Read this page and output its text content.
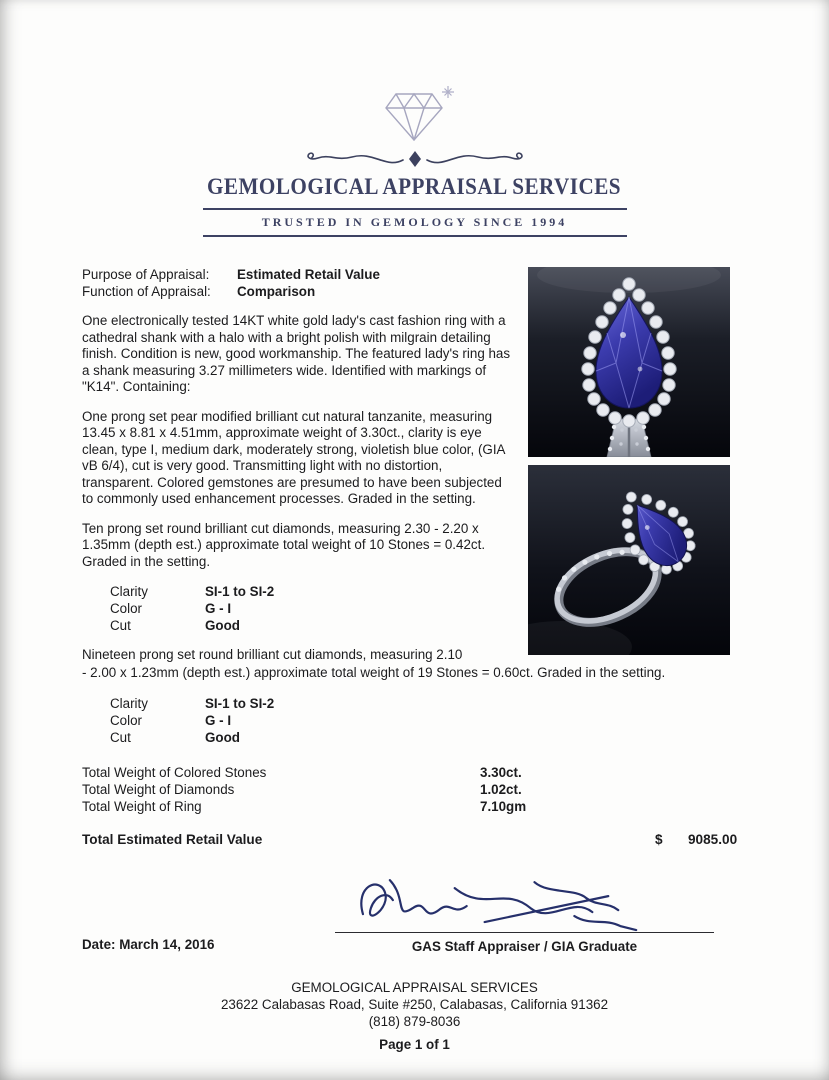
GEMOLOGICAL APPRAISAL SERVICES
TRUSTED IN GEMOLOGY SINCE 1994
Purpose of Appraisal:	Estimated Retail Value
Function of Appraisal:	Comparison

One electronically tested 14KT white gold lady's cast fashion ring with a cathedral shank with a halo with a bright polish with milgrain detailing finish. Condition is new, good workmanship. The featured lady's ring has a shank measuring 3.27 millimeters wide. Identified with markings of "K14". Containing:

One prong set pear modified brilliant cut natural tanzanite, measuring 13.45 x 8.81 x 4.51mm, approximate weight of 3.30ct., clarity is eye clean, type I, medium dark, moderately strong, violetish blue color, (GIA vB 6/4), cut is very good. Transmitting light with no distortion, transparent. Colored gemstones are presumed to have been subjected to commonly used enhancement processes. Graded in the setting.

Ten prong set round brilliant cut diamonds, measuring 2.30 - 2.20 x 1.35mm (depth est.) approximate total weight of 10 Stones = 0.42ct. Graded in the setting.

Clarity	SI-1 to SI-2
Color	G - I
Cut	Good

Nineteen prong set round brilliant cut diamonds, measuring 2.10

- 2.00 x 1.23mm (depth est.) approximate total weight of 19 Stones = 0.60ct. Graded in the setting.

Clarity	SI-1 to SI-2
Color	G - I
Cut	Good
Total Weight of Colored Stones	3.30ct.
Total Weight of Diamonds	1.02ct.
Total Weight of Ring	7.10gm
Total Estimated Retail Value	$ 9085.00
Date: March 14, 2016	GAS Staff Appraiser / GIA Graduate
GEMOLOGICAL APPRAISAL SERVICES
23622 Calabasas Road, Suite #250, Calabasas, California 91362
(818) 879-8036
Page 1 of 1
